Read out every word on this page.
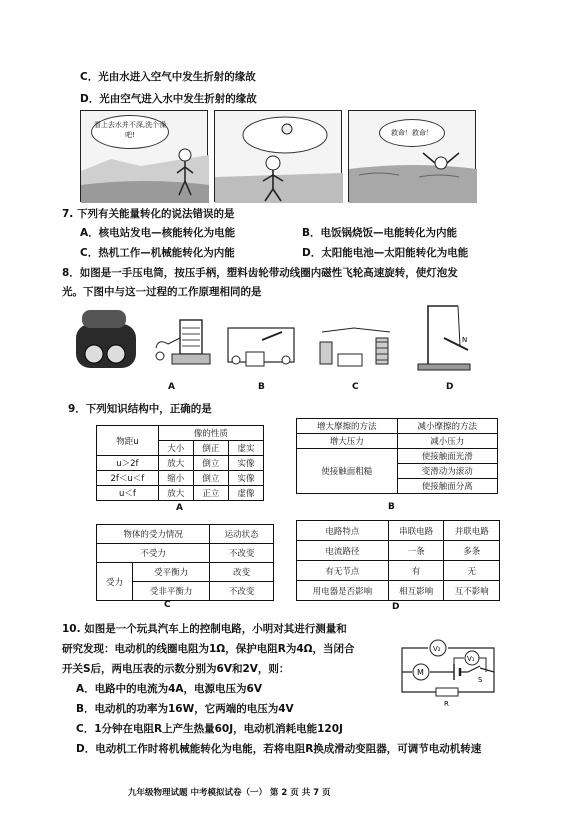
C．光由水进入空气中发生折射的缘故
D．光由空气进入水中发生折射的缘故
看上去水并不深,洗个澡吧!	救命！救命！
7. 下列有关能量转化的说法错误的是
A．核电站发电—核能转化为电能	B．电饭锅烧饭—电能转化为内能
C．热机工作—机械能转化为内能	D．太阳能电池—太阳能转化为电能
8．如图是一手压电筒，按压手柄，塑料齿轮带动线圈内磁性飞轮高速旋转，使灯泡发
光。下图中与这一过程的工作原理相同的是
N
A	B	C	D
9．下列知识结构中，正确的是
物距u	像的性质		
	大小	倒正	虚实
u＞2f	放大	倒立	实像
2f＜u＜f	缩小	倒立	实像
u＜f	放大	正立	虚像
A
增大摩擦的方法	减小摩擦的方法
增大压力	减小压力
使接触面粗糙	使接触面光滑
	变滑动为滚动
	使接触面分离
B
物体的受力情况		运动状态
不受力		不改变
受力	受平衡力	改变
	受非平衡力	不改变
C
电路特点	串联电路	并联电路
电流路径	一条	多条
有无节点	有	无
用电器是否影响	相互影响	互不影响
D
10. 如图是一个玩具汽车上的控制电路，小明对其进行测量和
研究发现：电动机的线圈电阻为1Ω，保护电阻R为4Ω，当闭合
开关S后，两电压表的示数分别为6V和2V，则：
A．电路中的电流为4A，电源电压为6V
B．电动机的功率为16W，它两端的电压为4V
C．1分钟在电阻R上产生热量60J，电动机消耗电能120J
D．电动机工作时将机械能转化为电能，若将电阻R换成滑动变阻器，可调节电动机转速
M
V₂
V₁
S
R
九年级物理试题 中考模拟试卷（一） 第 2 页 共 7 页
